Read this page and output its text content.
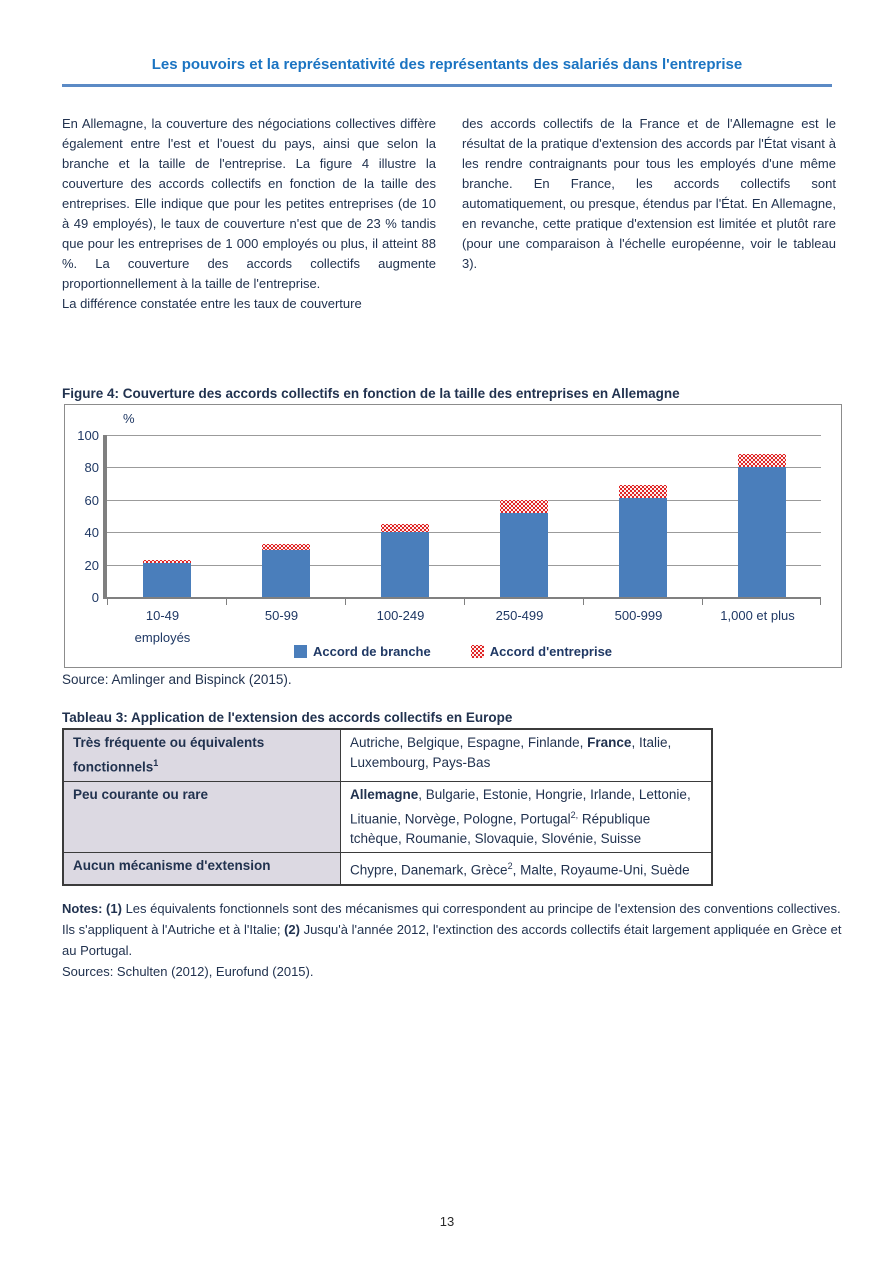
Les pouvoirs et la représentativité des représentants des salariés dans l'entreprise

En Allemagne, la couverture des négociations collectives diffère également entre l'est et l'ouest du pays, ainsi que selon la branche et la taille de l'entreprise. La figure 4 illustre la couverture des accords collectifs en fonction de la taille des entreprises. Elle indique que pour les petites entreprises (de 10 à 49 employés), le taux de couverture n'est que de 23 % tandis que pour les entreprises de 1 000 employés ou plus, il atteint 88 %. La couverture des accords collectifs augmente proportionnellement à la taille de l'entreprise.

La différence constatée entre les taux de couverture

des accords collectifs de la France et de l'Allemagne est le résultat de la pratique d'extension des accords par l'État visant à les rendre contraignants pour tous les employés d'une même branche. En France, les accords collectifs sont automatiquement, ou presque, étendus par l'État. En Allemagne, en revanche, cette pratique d'extension est limitée et plutôt rare (pour une comparaison à l'échelle européenne, voir le tableau 3).

Figure 4: Couverture des accords collectifs en fonction de la taille des entreprises en Allemagne
%
0
20
40
60
80
100
10-49
employés
50-99	100-249	250-499	500-999	1,000 et plus
Accord de branche	Accord d'entreprise
Source: Amlinger and Bispinck (2015).
Tableau 3: Application de l'extension des accords collectifs en Europe
Très fréquente ou équivalents fonctionnels$^1$	Autriche, Belgique, Espagne, Finlande, France, Italie, Luxembourg, Pays-Bas
Peu courante ou rare	Allemagne, Bulgarie, Estonie, Hongrie, Irlande, Lettonie, Lituanie, Norvège, Pologne, Portugal$^{2,}$ République tchèque, Roumanie, Slovaquie, Slovénie, Suisse
Aucun mécanisme d'extension	Chypre, Danemark, Grèce$^2$, Malte, Royaume-Uni, Suède

Notes: (1) Les équivalents fonctionnels sont des mécanismes qui correspondent au principe de l'extension des conventions collectives. Ils s'appliquent à l'Autriche et à l'Italie; (2) Jusqu'à l'année 2012, l'extinction des accords collectifs était largement appliquée en Grèce et au Portugal.

Sources: Schulten (2012), Eurofund (2015).

13
